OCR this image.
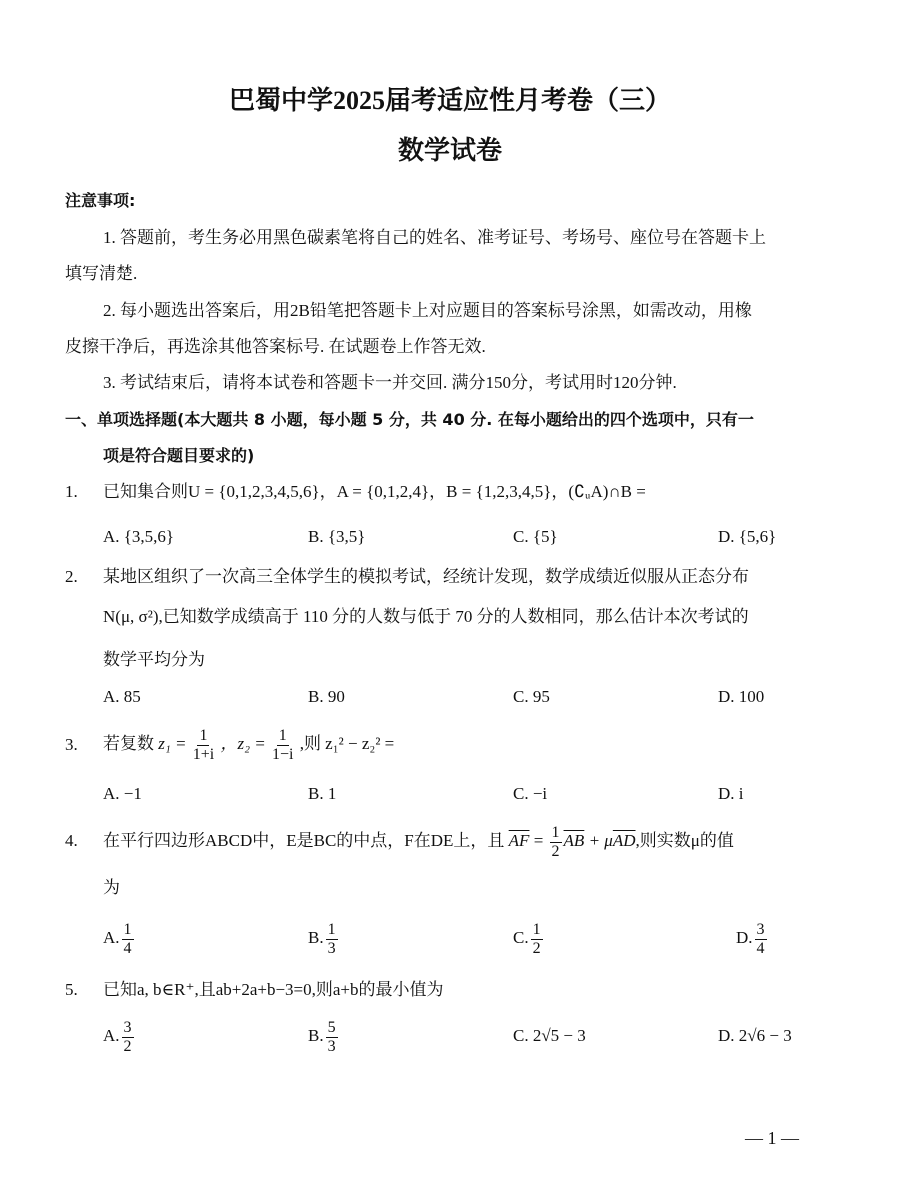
巴蜀中学2025届考适应性月考卷（三）
数学试卷
注意事项:
1. 答题前，考生务必用黑色碳素笔将自己的姓名、准考证号、考场号、座位号在答题卡上
填写清楚.
2. 每小题选出答案后，用2B铅笔把答题卡上对应题目的答案标号涂黑，如需改动，用橡
皮擦干净后，再选涂其他答案标号. 在试题卷上作答无效.
3. 考试结束后，请将本试卷和答题卡一并交回. 满分150分，考试用时120分钟.
一、单项选择题(本大题共 8 小题，每小题 5 分，共 40 分. 在每小题给出的四个选项中，只有一
项是符合题目要求的)
1. 已知集合则U = {0,1,2,3,4,5,6}，A = {0,1,2,4}，B = {1,2,3,4,5}，(∁ᵤA)∩B =
A. {3,5,6}	B. {3,5}	C. {5}	D. {5,6}
2. 某地区组织了一次高三全体学生的模拟考试，经统计发现，数学成绩近似服从正态分布
N(μ, σ²),已知数学成绩高于 110 分的人数与低于 70 分的人数相同，那么估计本次考试的
数学平均分为
A. 85	B. 90	C. 95	D. 100
3. 若复数 $z_1 = \frac{1}{1+i}$ ，$z_2 = \frac{1}{1-i}$ ,则 z₁² − z₂² =
A. −1	B. 1	C. −i	D. i
4. 在平行四边形ABCD中，E是BC的中点，F在DE上，且 $\overline{AF} = \frac{1}{2} \overline{AB} + \mu\overline{AD}$,则实数μ的值
为
A. $\frac{1}{4}$	B. $\frac{1}{3}$	C. $\frac{1}{2}$	D. $\frac{3}{4}$
5. 已知a, b∈R⁺,且ab+2a+b−3=0,则a+b的最小值为
A. $\frac{3}{2}$	B. $\frac{5}{3}$	C. 2√5 − 3	D. 2√6 − 3
— 1 —
